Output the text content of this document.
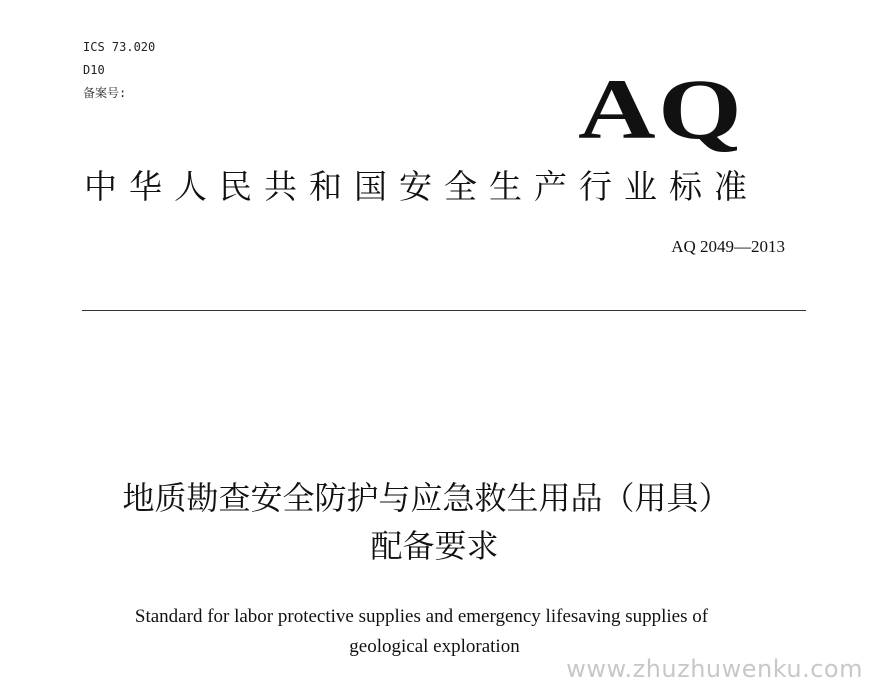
ICS 73.020
D10
备案号:	AQ
中华人民共和国安全生产行业标准
AQ 2049—2013
地质勘查安全防护与应急救生用品（用具）
配备要求
Standard for labor protective supplies and emergency lifesaving supplies of
geological exploration
www.zhuzhuwenku.com
